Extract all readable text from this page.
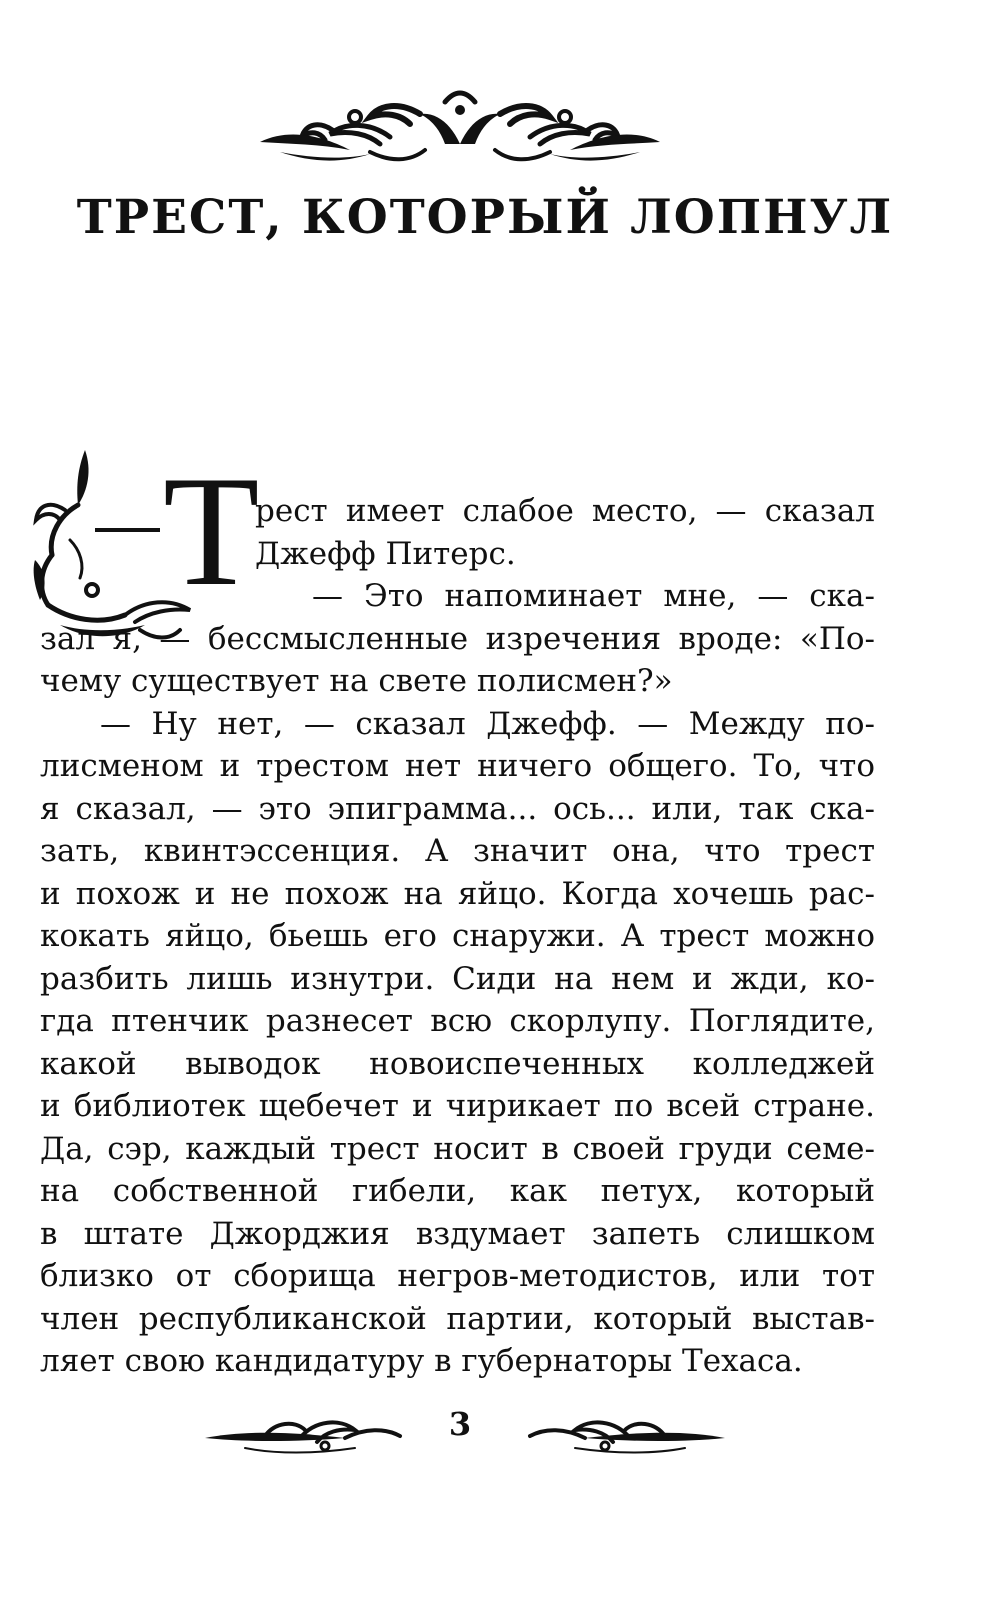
ТРЕСТ, КОТОРЫЙ ЛОПНУЛ
Т

рест имеет слабое место, — сказал

Джефф Питерс.

— Это напоминает мне, — ска-

зал я, — бессмысленные изречения вроде: «По-

чему существует на свете полисмен?»

— Ну нет, — сказал Джефф. — Между по-

лисменом и трестом нет ничего общего. То, что

я сказал, — это эпиграмма... ось... или, так ска-

зать, квинтэссенция. А значит она, что трест

и похож и не похож на яйцо. Когда хочешь рас-

кокать яйцо, бьешь его снаружи. А трест можно

разбить лишь изнутри. Сиди на нем и жди, ко-

гда птенчик разнесет всю скорлупу. Поглядите,

какой выводок новоиспеченных колледжей

и библиотек щебечет и чирикает по всей стране.

Да, сэр, каждый трест носит в своей груди семе-

на собственной гибели, как петух, который

в штате Джорджия вздумает запеть слишком

близко от сборища негров-методистов, или тот

член республиканской партии, который выстав-

ляет свою кандидатуру в губернаторы Техаса.

3
